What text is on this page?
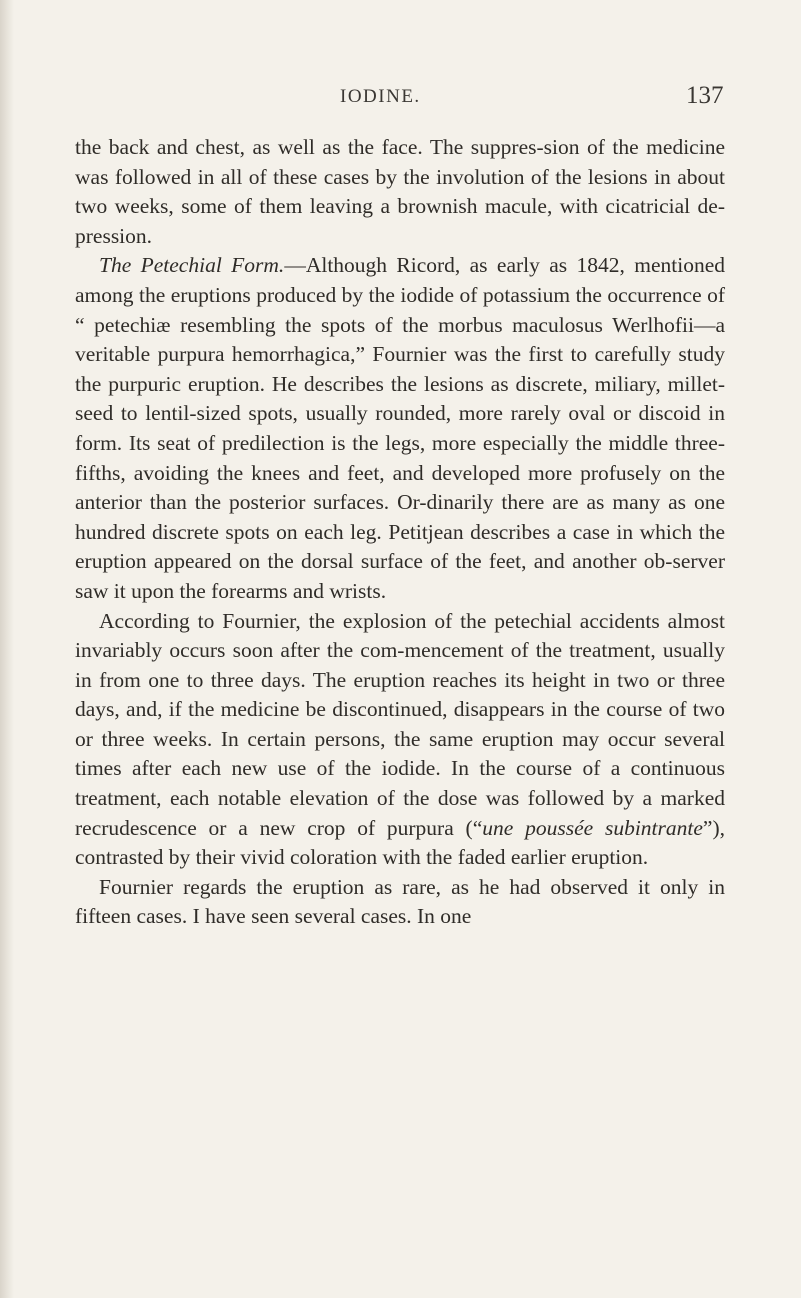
IODINE.	137

the back and chest, as well as the face. The suppres-sion of the medicine was followed in all of these cases by the involution of the lesions in about two weeks, some of them leaving a brownish macule, with cicatricial de-pression.

The Petechial Form.—Although Ricord, as early as 1842, mentioned among the eruptions produced by the iodide of potassium the occurrence of “ petechiæ resembling the spots of the morbus maculosus Werlhofii—a veritable purpura hemorrhagica,” Fournier was the first to carefully study the purpuric eruption. He describes the lesions as discrete, miliary, millet-seed to lentil-sized spots, usually rounded, more rarely oval or discoid in form. Its seat of predilection is the legs, more especially the middle three-fifths, avoiding the knees and feet, and developed more profusely on the anterior than the posterior surfaces. Or-dinarily there are as many as one hundred discrete spots on each leg. Petitjean describes a case in which the eruption appeared on the dorsal surface of the feet, and another ob-server saw it upon the forearms and wrists.

According to Fournier, the explosion of the petechial accidents almost invariably occurs soon after the com-mencement of the treatment, usually in from one to three days. The eruption reaches its height in two or three days, and, if the medicine be discontinued, disappears in the course of two or three weeks. In certain persons, the same eruption may occur several times after each new use of the iodide. In the course of a continuous treatment, each notable elevation of the dose was followed by a marked recrudescence or a new crop of purpura (“une poussée subintrante”), contrasted by their vivid coloration with the faded earlier eruption.

Fournier regards the eruption as rare, as he had observed it only in fifteen cases. I have seen several cases. In one
